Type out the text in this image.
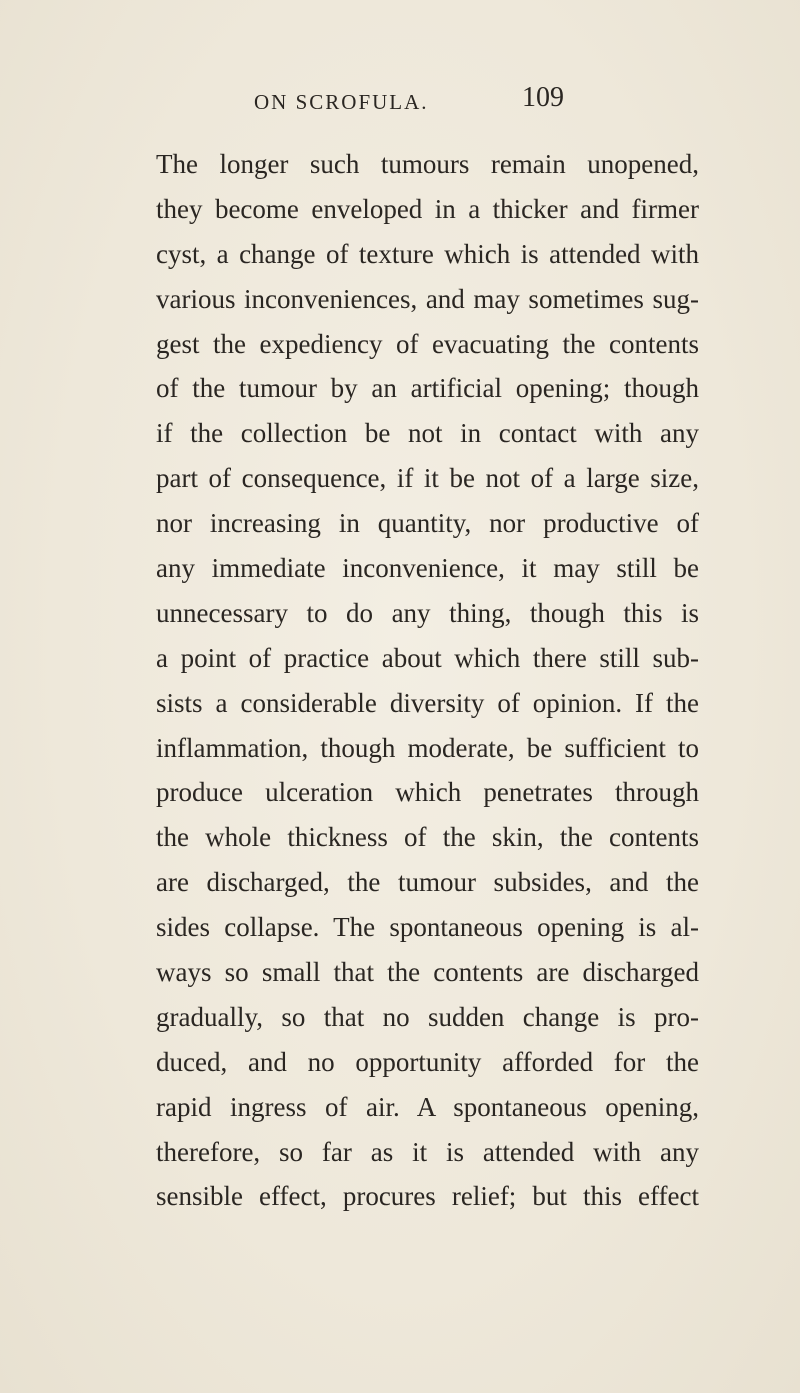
ON SCROFULA.	109
The longer such tumours remain unopened,
they become enveloped in a thicker and firmer
cyst, a change of texture which is attended with
various inconveniences, and may sometimes sug-
gest the expediency of evacuating the contents
of the tumour by an artificial opening; though
if the collection be not in contact with any
part of consequence, if it be not of a large size,
nor increasing in quantity, nor productive of
any immediate inconvenience, it may still be
unnecessary to do any thing, though this is
a point of practice about which there still sub-
sists a considerable diversity of opinion. If the
inflammation, though moderate, be sufficient to
produce ulceration which penetrates through
the whole thickness of the skin, the contents
are discharged, the tumour subsides, and the
sides collapse. The spontaneous opening is al-
ways so small that the contents are discharged
gradually, so that no sudden change is pro-
duced, and no opportunity afforded for the
rapid ingress of air. A spontaneous opening,
therefore, so far as it is attended with any
sensible effect, procures relief; but this effect
